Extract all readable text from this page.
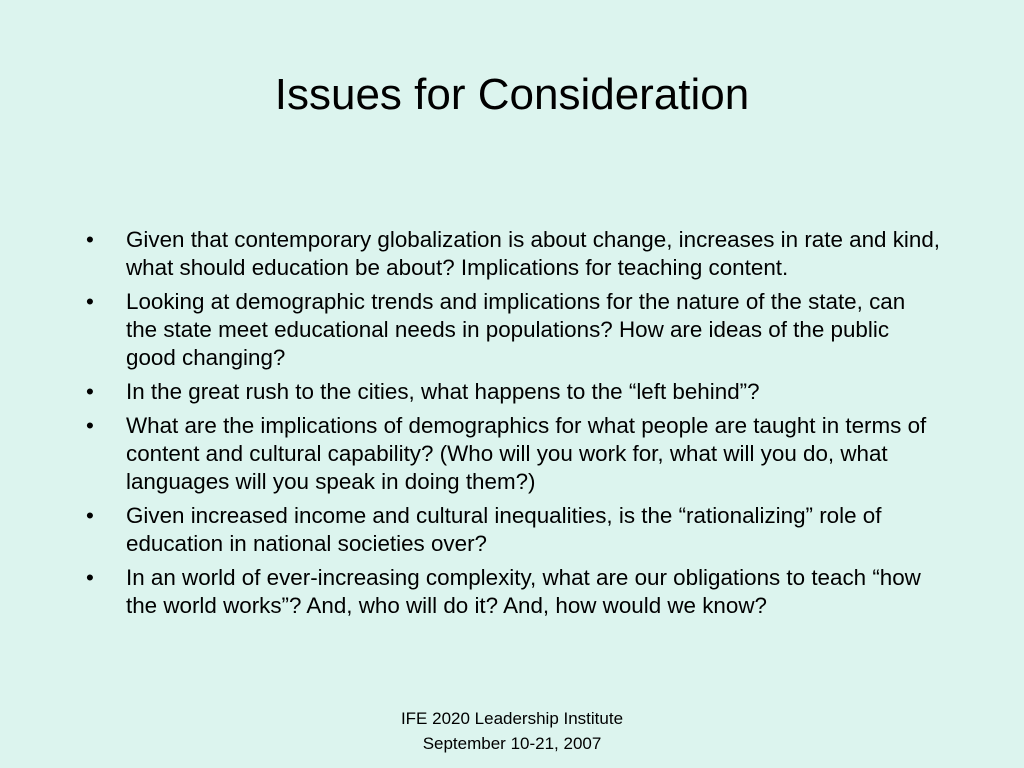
Issues for Consideration
• Given that contemporary globalization is about change, increases in rate and kind, what should education be about? Implications for teaching content.
• Looking at demographic trends and implications for the nature of the state, can the state meet educational needs in populations? How are ideas of the public good changing?
• In the great rush to the cities, what happens to the “left behind”?
• What are the implications of demographics for what people are taught in terms of content and cultural capability? (Who will you work for, what will you do, what languages will you speak in doing them?)
• Given increased income and cultural inequalities, is the “rationalizing” role of education in national societies over?
• In an world of ever-increasing complexity, what are our obligations to teach “how the world works”? And, who will do it? And, how would we know?
IFE 2020 Leadership Institute
September 10-21, 2007
